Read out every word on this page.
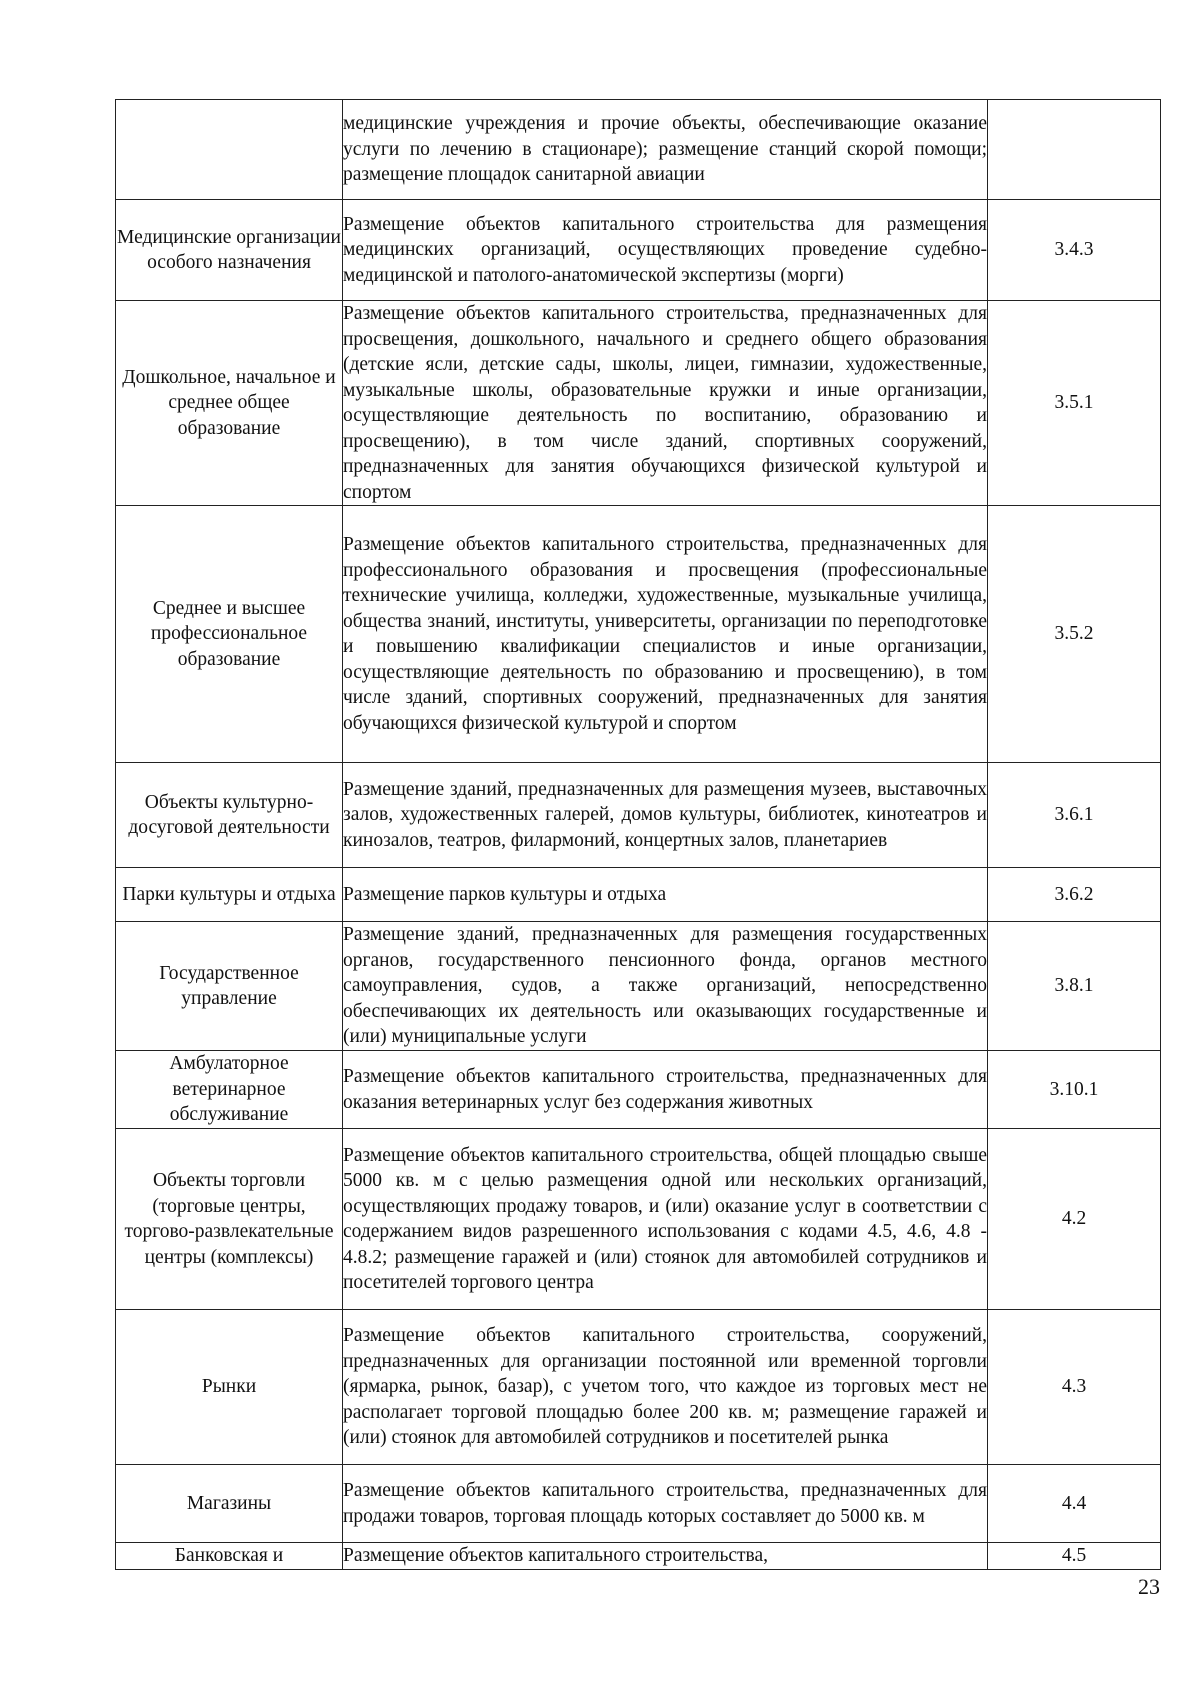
	медицинские учреждения и прочие объекты, обеспечивающие оказание услуги по лечению в стационаре); размещение станций скорой помощи; размещение площадок санитарной авиации	
Медицинские организации особого назначения	Размещение объектов капитального строительства для размещения медицинских организаций, осуществляющих проведение судебно-медицинской и патолого-анатомической экспертизы (морги)	3.4.3
Дошкольное, начальное и среднее общее образование	Размещение объектов капитального строительства, предназначенных для просвещения, дошкольного, начального и среднего общего образования (детские ясли, детские сады, школы, лицеи, гимназии, художественные, музыкальные школы, образовательные кружки и иные организации, осуществляющие деятельность по воспитанию, образованию и просвещению), в том числе зданий, спортивных сооружений, предназначенных для занятия обучающихся физической культурой и спортом	3.5.1
Среднее и высшее профессиональное образование	Размещение объектов капитального строительства, предназначенных для профессионального образования и просвещения (профессиональные технические училища, колледжи, художественные, музыкальные училища, общества знаний, институты, университеты, организации по переподготовке и повышению квалификации специалистов и иные организации, осуществляющие деятельность по образованию и просвещению), в том числе зданий, спортивных сооружений, предназначенных для занятия обучающихся физической культурой и спортом	3.5.2
Объекты культурно-досуговой деятельности	Размещение зданий, предназначенных для размещения музеев, выставочных залов, художественных галерей, домов культуры, библиотек, кинотеатров и кинозалов, театров, филармоний, концертных залов, планетариев	3.6.1
Парки культуры и отдыха	Размещение парков культуры и отдыха	3.6.2
Государственное управление	Размещение зданий, предназначенных для размещения государственных органов, государственного пенсионного фонда, органов местного самоуправления, судов, а также организаций, непосредственно обеспечивающих их деятельность или оказывающих государственные и (или) муниципальные услуги	3.8.1
Амбулаторное ветеринарное обслуживание	Размещение объектов капитального строительства, предназначенных для оказания ветеринарных услуг без содержания животных	3.10.1
Объекты торговли (торговые центры, торгово-развлекательные центры (комплексы)	Размещение объектов капитального строительства, общей площадью свыше 5000 кв. м с целью размещения одной или нескольких организаций, осуществляющих продажу товаров, и (или) оказание услуг в соответствии с содержанием видов разрешенного использования с кодами 4.5, 4.6, 4.8 - 4.8.2; размещение гаражей и (или) стоянок для автомобилей сотрудников и посетителей торгового центра	4.2
Рынки	Размещение объектов капитального строительства, сооружений, предназначенных для организации постоянной или временной торговли (ярмарка, рынок, базар), с учетом того, что каждое из торговых мест не располагает торговой площадью более 200 кв. м; размещение гаражей и (или) стоянок для автомобилей сотрудников и посетителей рынка	4.3
Магазины	Размещение объектов капитального строительства, предназначенных для продажи товаров, торговая площадь которых составляет до 5000 кв. м	4.4
Банковская и	Размещение объектов капитального строительства,	4.5
23
